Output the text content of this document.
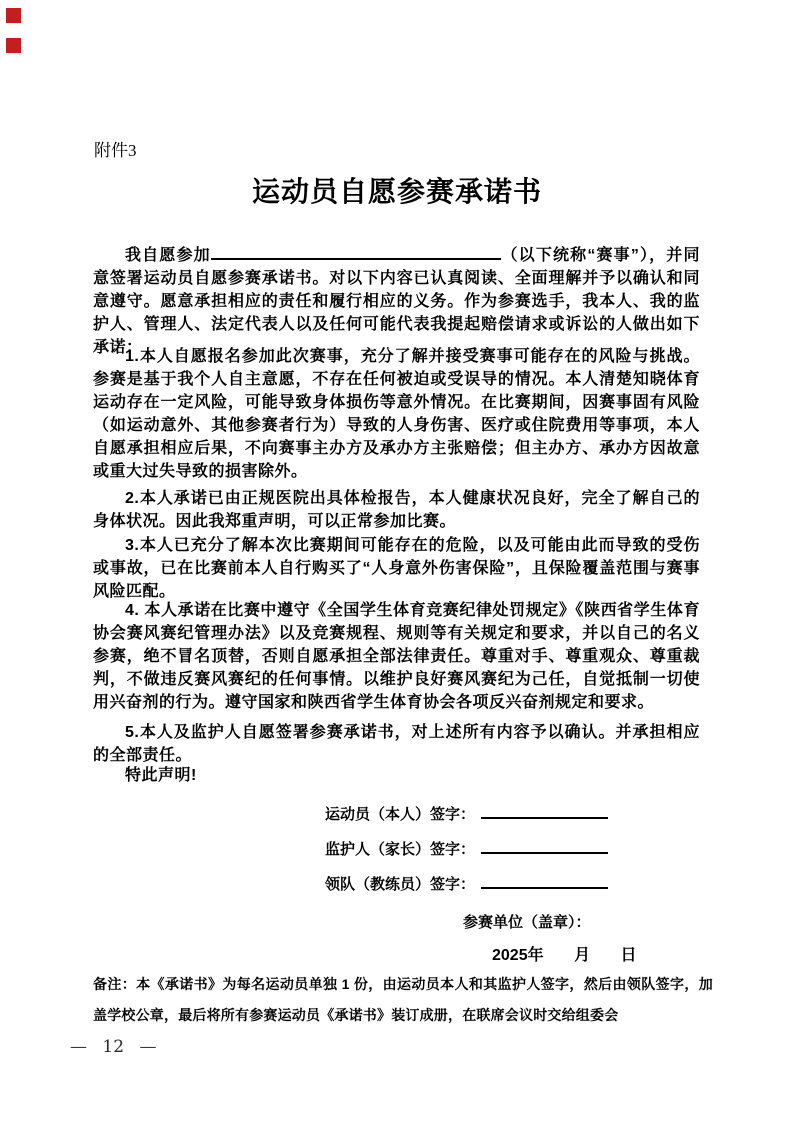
附件3
运动员自愿参赛承诺书
我自愿参加	（以下统称“赛事”），并同意签署运动员自愿参赛承诺书。对以下内容已认真阅读、全面理解并予以确认和同意遵守。愿意承担相应的责任和履行相应的义务。作为参赛选手，我本人、我的监护人、管理人、法定代表人以及任何可能代表我提起赔偿请求或诉讼的人做出如下承诺：
1.本人自愿报名参加此次赛事，充分了解并接受赛事可能存在的风险与挑战。参赛是基于我个人自主意愿，不存在任何被迫或受误导的情况。本人清楚知晓体育运动存在一定风险，可能导致身体损伤等意外情况。在比赛期间，因赛事固有风险（如运动意外、其他参赛者行为）导致的人身伤害、医疗或住院费用等事项，本人自愿承担相应后果，不向赛事主办方及承办方主张赔偿；但主办方、承办方因故意或重大过失导致的损害除外。
2.本人承诺已由正规医院出具体检报告，本人健康状况良好，完全了解自己的身体状况。因此我郑重声明，可以正常参加比赛。
3.本人已充分了解本次比赛期间可能存在的危险，以及可能由此而导致的受伤或事故，已在比赛前本人自行购买了“人身意外伤害保险”，且保险覆盖范围与赛事风险匹配。
4. 本人承诺在比赛中遵守《全国学生体育竞赛纪律处罚规定》《陕西省学生体育协会赛风赛纪管理办法》以及竞赛规程、规则等有关规定和要求，并以自己的名义参赛，绝不冒名顶替，否则自愿承担全部法律责任。尊重对手、尊重观众、尊重裁判，不做违反赛风赛纪的任何事情。以维护良好赛风赛纪为己任，自觉抵制一切使用兴奋剂的行为。遵守国家和陕西省学生体育协会各项反兴奋剂规定和要求。
5.本人及监护人自愿签署参赛承诺书，对上述所有内容予以确认。并承担相应的全部责任。
特此声明!
运动员（本人）签字：
监护人（家长）签字：
领队（教练员）签字：
参赛单位（盖章）：
2025年 月 日
备注：本《承诺书》为每名运动员单独 1 份，由运动员本人和其监护人签字，然后由领队签字，加盖学校公章，最后将所有参赛运动员《承诺书》装订成册，在联席会议时交给组委会
— 12 —
